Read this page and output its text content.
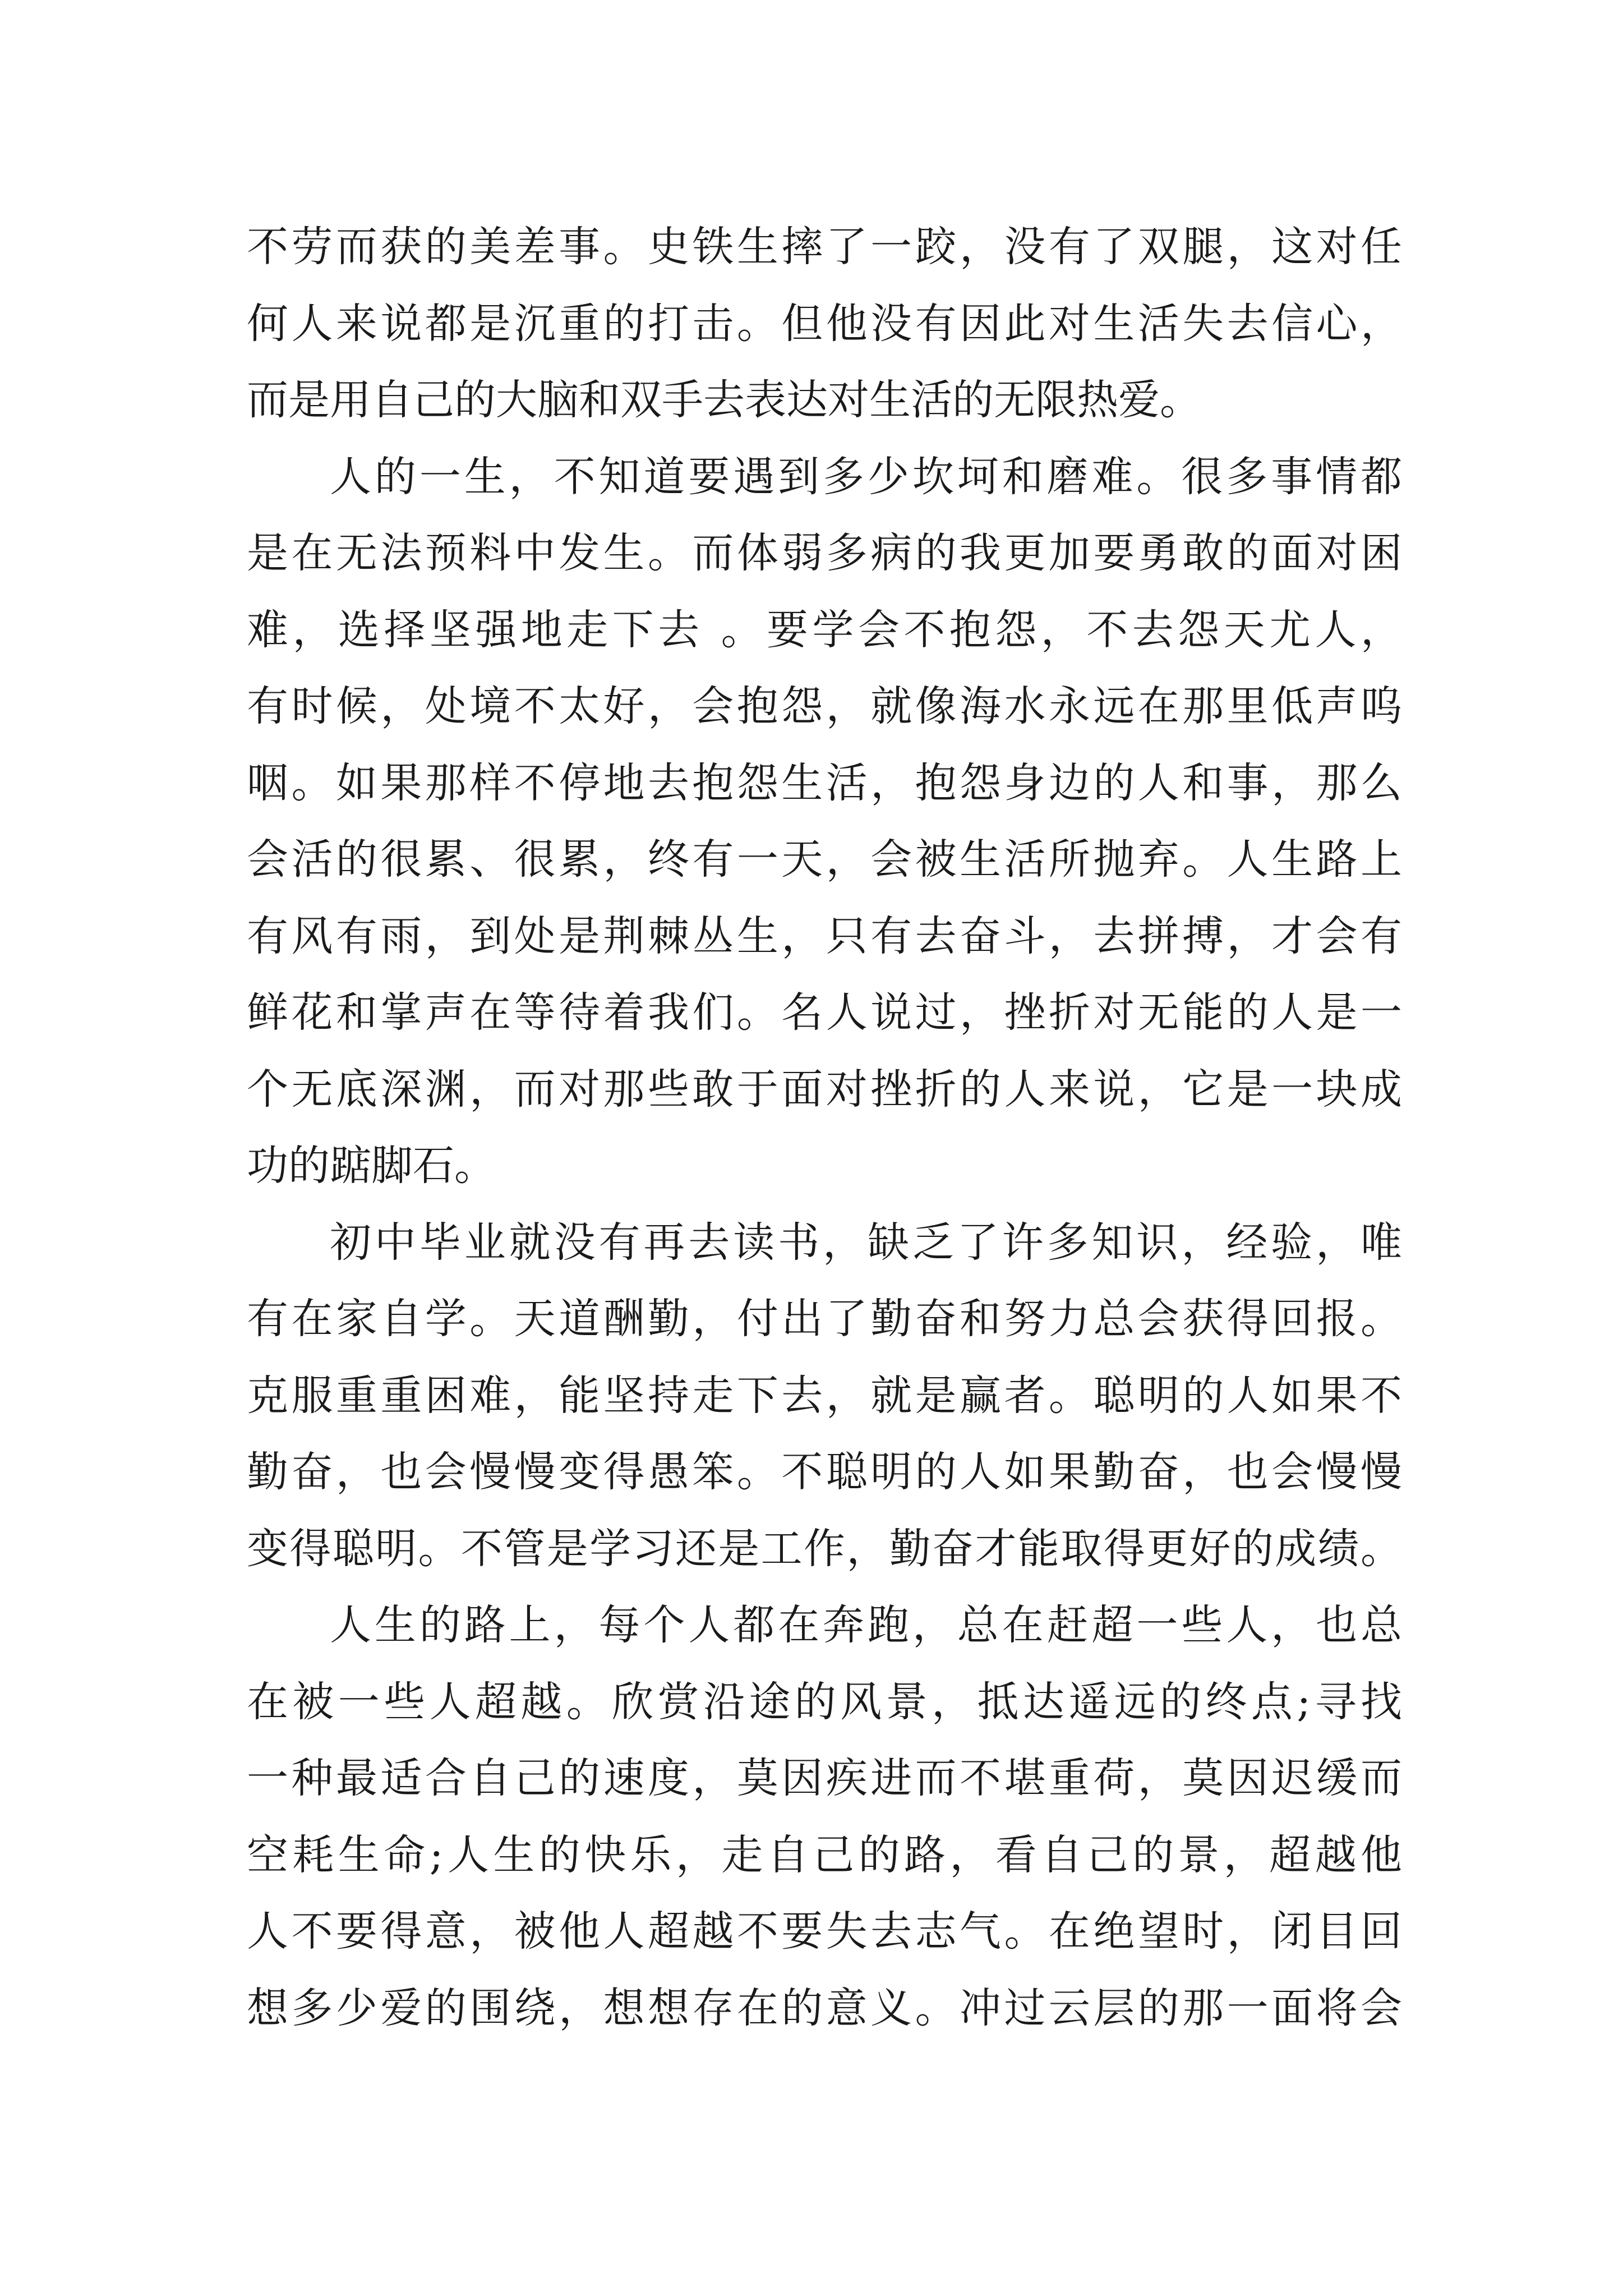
不劳而获的美差事。史铁生摔了一跤，没有了双腿，这对任
何人来说都是沉重的打击。但他没有因此对生活失去信心，
而是用自己的大脑和双手去表达对生活的无限热爱。
人的一生，不知道要遇到多少坎坷和磨难。很多事情都
是在无法预料中发生。而体弱多病的我更加要勇敢的面对困
难，选择坚强地走下去 。要学会不抱怨，不去怨天尤人，
有时候，处境不太好，会抱怨，就像海水永远在那里低声呜
咽。如果那样不停地去抱怨生活，抱怨身边的人和事，那么
会活的很累、很累，终有一天，会被生活所抛弃。人生路上
有风有雨，到处是荆棘丛生，只有去奋斗，去拼搏，才会有
鲜花和掌声在等待着我们。名人说过，挫折对无能的人是一
个无底深渊，而对那些敢于面对挫折的人来说，它是一块成
功的踮脚石。
初中毕业就没有再去读书，缺乏了许多知识，经验，唯
有在家自学。天道酬勤，付出了勤奋和努力总会获得回报。
克服重重困难，能坚持走下去，就是赢者。聪明的人如果不
勤奋，也会慢慢变得愚笨。不聪明的人如果勤奋，也会慢慢
变得聪明。不管是学习还是工作，勤奋才能取得更好的成绩。
人生的路上，每个人都在奔跑，总在赶超一些人，也总
在被一些人超越。欣赏沿途的风景，抵达遥远的终点;寻找
一种最适合自己的速度，莫因疾进而不堪重荷，莫因迟缓而
空耗生命;人生的快乐，走自己的路，看自己的景，超越他
人不要得意，被他人超越不要失去志气。在绝望时，闭目回
想多少爱的围绕，想想存在的意义。冲过云层的那一面将会
